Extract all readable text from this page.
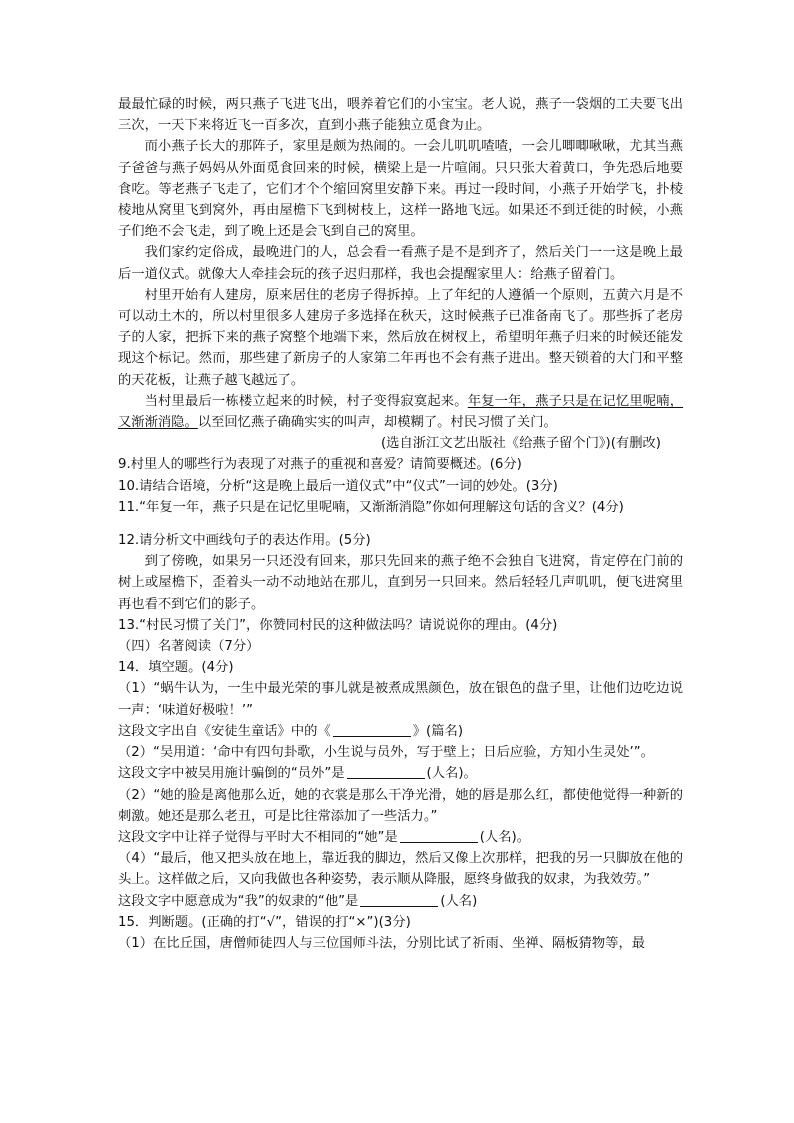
最最忙碌的时候，两只燕子飞进飞出，喂养着它们的小宝宝。老人说，燕子一袋烟的工夫要飞出三次，一天下来将近飞一百多次，直到小燕子能独立觅食为止。

而小燕子长大的那阵子，家里是颇为热闹的。一会儿叽叽喳喳，一会儿唧唧啾啾，尤其当燕子爸爸与燕子妈妈从外面觅食回来的时候，横梁上是一片喧闹。只只张大着黄口，争先恐后地要食吃。等老燕子飞走了，它们才个个缩回窝里安静下来。再过一段时间，小燕子开始学飞，扑棱棱地从窝里飞到窝外，再由屋檐下飞到树枝上，这样一路地飞远。如果还不到迁徙的时候，小燕子们绝不会飞走，到了晚上还是会飞到自己的窝里。

我们家约定俗成，最晚进门的人，总会看一看燕子是不是到齐了，然后关门一一这是晚上最后一道仪式。就像大人牵挂会玩的孩子迟归那样，我也会提醒家里人：给燕子留着门。

村里开始有人建房，原来居住的老房子得拆掉。上了年纪的人遵循一个原则，五黄六月是不可以动土木的，所以村里很多人建房子多选择在秋天，这时候燕子已准备南飞了。那些拆了老房子的人家，把拆下来的燕子窝整个地端下来，然后放在树杈上，希望明年燕子归来的时候还能发现这个标记。然而，那些建了新房子的人家第二年再也不会有燕子进出。整天锁着的大门和平整的天花板，让燕子越飞越远了。

当村里最后一栋楼立起来的时候，村子变得寂寞起来。年复一年，燕子只是在记忆里呢喃，又渐渐消隐。以至回忆燕子确确实实的叫声，却模糊了。村民习惯了关门。

(选自浙江文艺出版社《给燕子留个门》)(有删改)

9.村里人的哪些行为表现了对燕子的重视和喜爱？请简要概述。(6分)

10.请结合语境，分析“这是晚上最后一道仪式”中“仪式”一词的妙处。(3分)

11.“年复一年，燕子只是在记忆里呢喃，又渐渐消隐”你如何理解这句话的含义？(4分)

12.请分析文中画线句子的表达作用。(5分)

到了傍晚，如果另一只还没有回来，那只先回来的燕子绝不会独自飞进窝，肯定停在门前的树上或屋檐下，歪着头一动不动地站在那儿，直到另一只回来。然后轻轻几声叽叽，便飞进窝里再也看不到它们的影子。

13.“村民习惯了关门”，你赞同村民的这种做法吗？请说说你的理由。(4分)

（四）名著阅读（7分）

14．填空题。(4分)

（1）“蜗牛认为，一生中最光荣的事儿就是被煮成黑颜色，放在银色的盘子里，让他们边吃边说一声：‘味道好极啦！’”

这段文字出自《安徒生童话》中的《	》(篇名)

（2）“吴用道：‘命中有四句卦歌，小生说与员外，写于壁上；日后应验，方知小生灵处’”。

这段文字中被吴用施计骗倒的“员外”是	(人名)。

（2）“她的脸是离他那么近，她的衣裳是那么干净光滑，她的唇是那么红，都使他觉得一种新的刺激。她还是那么老丑，可是比往常添加了一些活力。”

这段文字中让祥子觉得与平时大不相同的“她”是	(人名)。

（4）“最后，他又把头放在地上，靠近我的脚边，然后又像上次那样，把我的另一只脚放在他的头上。这样做之后，又向我做也各种姿势，表示顺从降服，愿终身做我的奴隶，为我效劳。”

这段文字中愿意成为“我”的奴隶的“他”是	(人名)

15．判断题。(正确的打“√”，错误的打“×”)(3分)

（1）在比丘国，唐僧师徒四人与三位国师斗法，分别比试了祈雨、坐禅、隔板猜物等，最
